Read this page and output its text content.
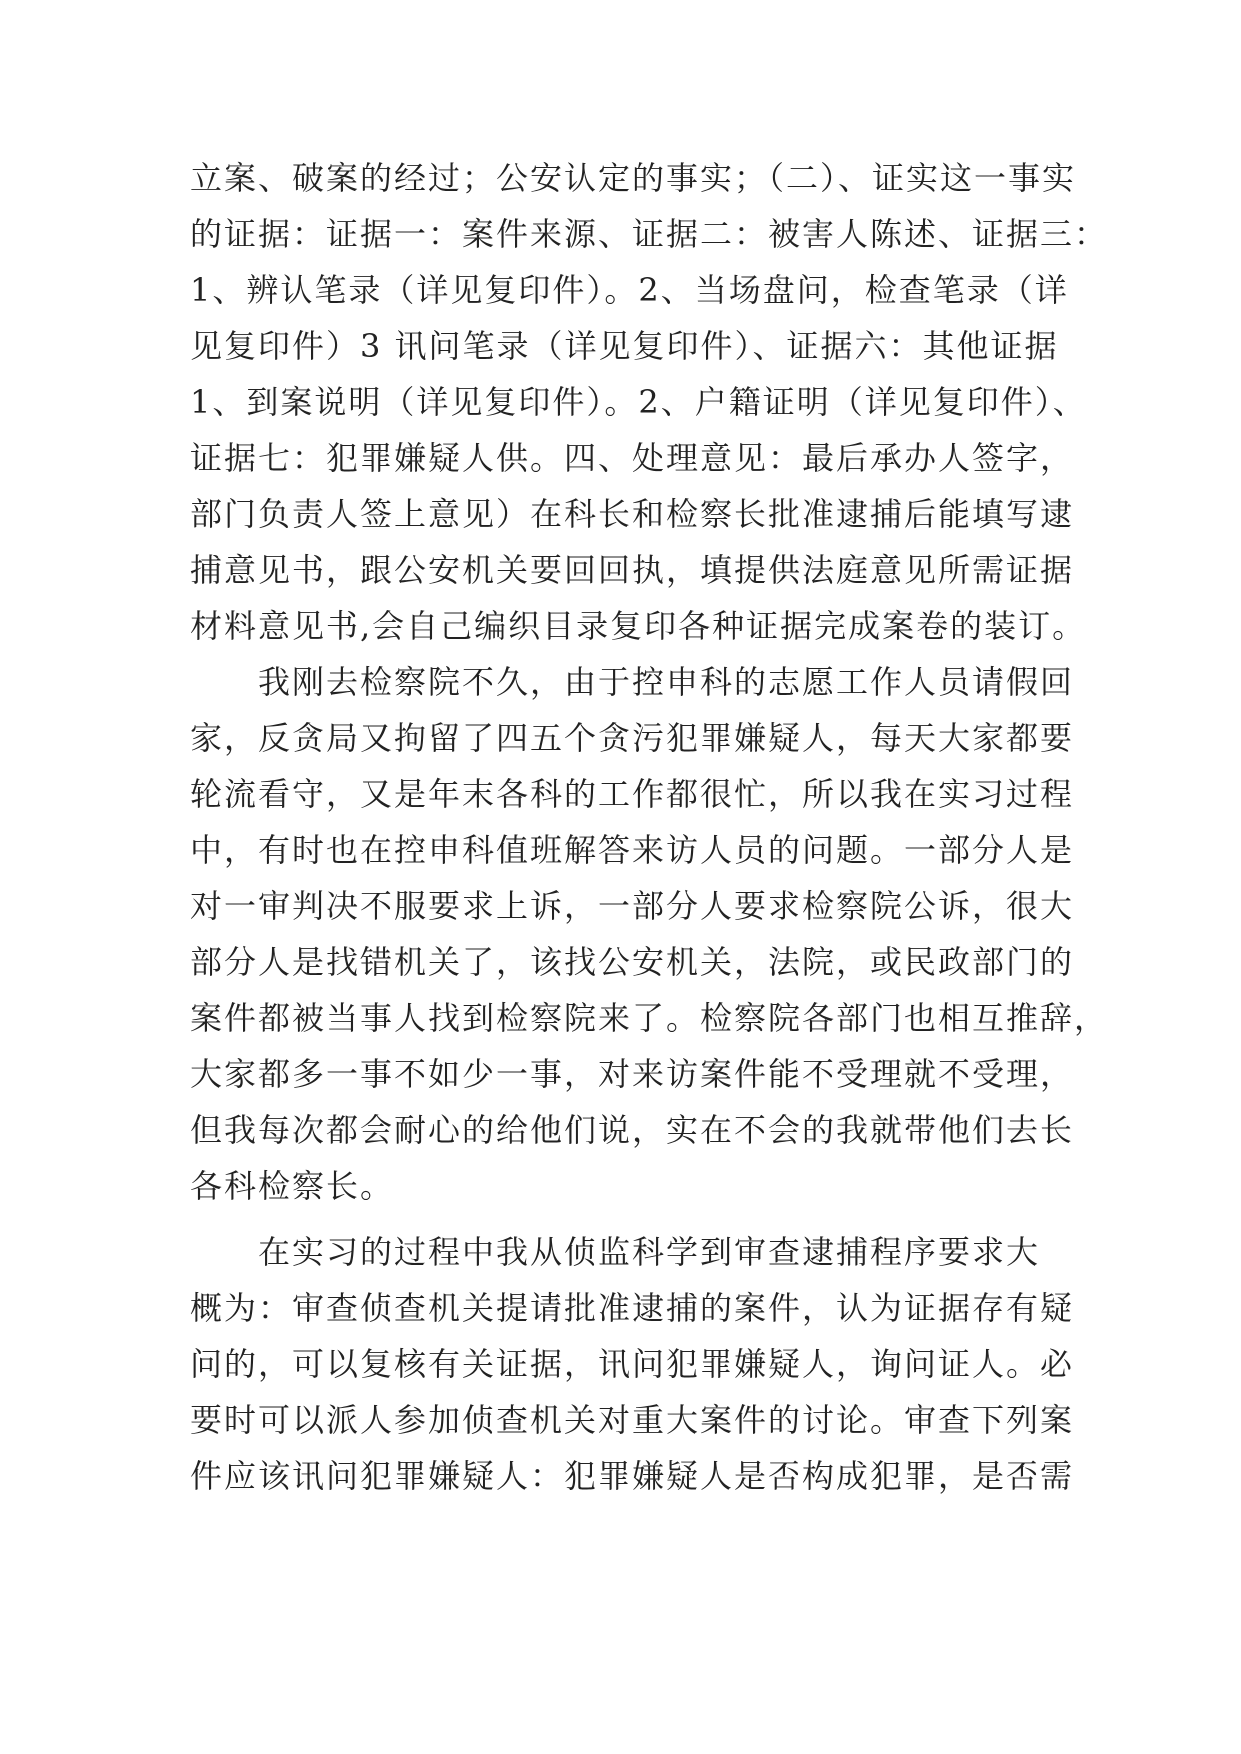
立案、破案的经过；公安认定的事实；（二）、证实这一事实
的证据：证据一：案件来源、证据二：被害人陈述、证据三：
1、辨认笔录（详见复印件）。2、当场盘问，检查笔录（详
见复印件）3 讯问笔录（详见复印件）、证据六：其他证据
1、到案说明（详见复印件）。2、户籍证明（详见复印件）、
证据七：犯罪嫌疑人供。四、处理意见：最后承办人签字，
部门负责人签上意见）在科长和检察长批准逮捕后能填写逮
捕意见书，跟公安机关要回回执，填提供法庭意见所需证据
材料意见书,会自己编织目录复印各种证据完成案卷的装订。
我刚去检察院不久，由于控申科的志愿工作人员请假回
家，反贪局又拘留了四五个贪污犯罪嫌疑人，每天大家都要
轮流看守，又是年末各科的工作都很忙，所以我在实习过程
中，有时也在控申科值班解答来访人员的问题。一部分人是
对一审判决不服要求上诉，一部分人要求检察院公诉，很大
部分人是找错机关了，该找公安机关，法院，或民政部门的
案件都被当事人找到检察院来了。检察院各部门也相互推辞，
大家都多一事不如少一事，对来访案件能不受理就不受理，
但我每次都会耐心的给他们说，实在不会的我就带他们去长
各科检察长。
在实习的过程中我从侦监科学到审查逮捕程序要求大
概为：审查侦查机关提请批准逮捕的案件，认为证据存有疑
问的，可以复核有关证据，讯问犯罪嫌疑人，询问证人。必
要时可以派人参加侦查机关对重大案件的讨论。审查下列案
件应该讯问犯罪嫌疑人：犯罪嫌疑人是否构成犯罪，是否需
